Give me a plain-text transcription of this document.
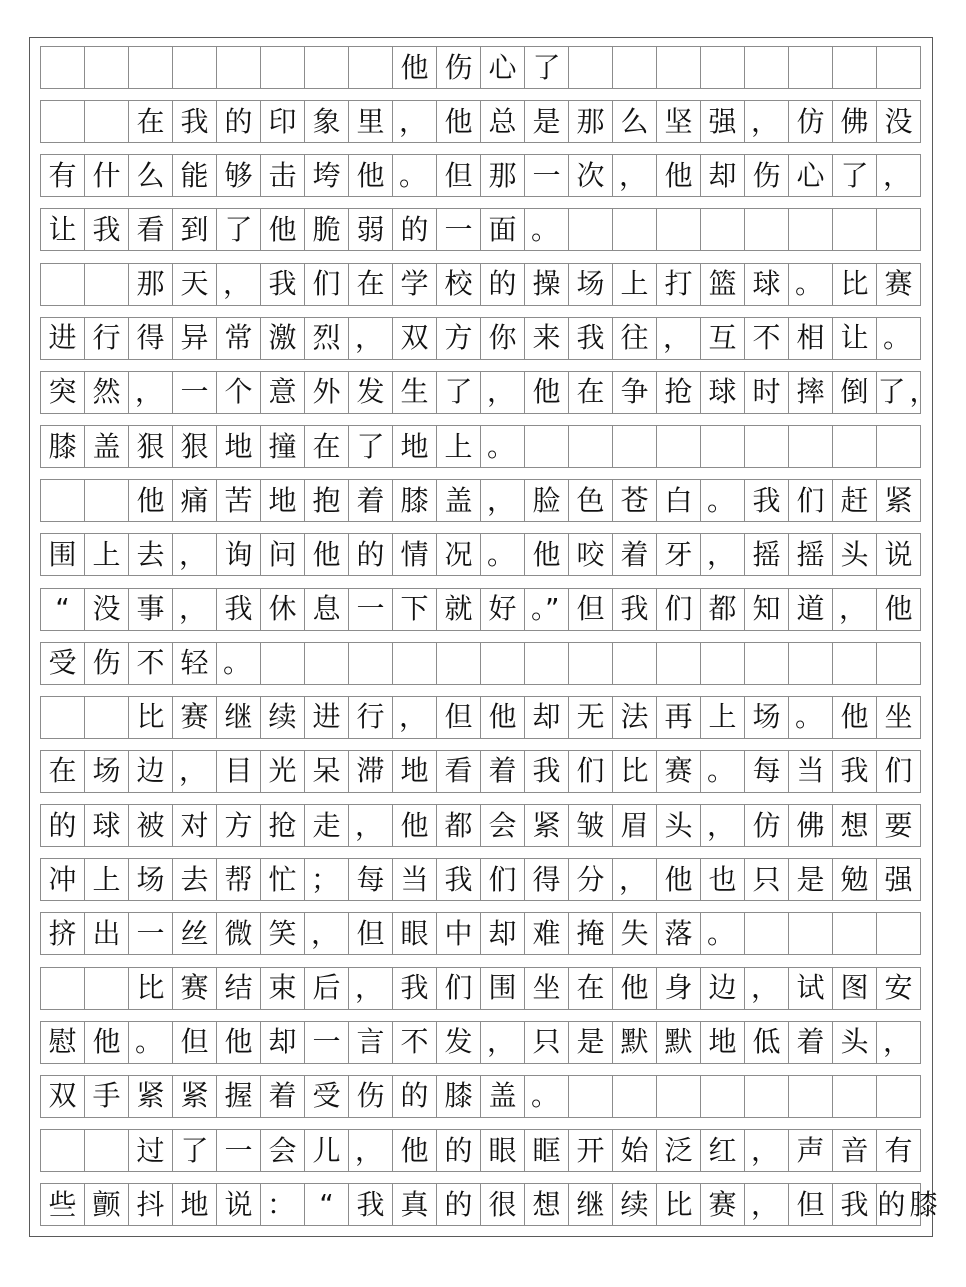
他 伤 心 了
在 我 的 印 象 里 ， 他 总 是 那 么 坚 强 ， 仿 佛 没
有 什 么 能 够 击 垮 他 。 但 那 一 次 ， 他 却 伤 心 了 ，
让 我 看 到 了 他 脆 弱 的 一 面 。
那 天 ， 我 们 在 学 校 的 操 场 上 打 篮 球 。 比 赛
进 行 得 异 常 激 烈 ， 双 方 你 来 我 往 ， 互 不 相 让 。
突 然 ， 一 个 意 外 发 生 了 ， 他 在 争 抢 球 时 摔 倒 了 ，
膝 盖 狠 狠 地 撞 在 了 地 上 。
他 痛 苦 地 抱 着 膝 盖 ， 脸 色 苍 白 。 我 们 赶 紧
围 上 去 ， 询 问 他 的 情 况 。 他 咬 着 牙 ， 摇 摇 头 说
“ 没 事 ， 我 休 息 一 下 就 好 。” 但 我 们 都 知 道 ， 他
受 伤 不 轻 。
比 赛 继 续 进 行 ， 但 他 却 无 法 再 上 场 。 他 坐
在 场 边 ， 目 光 呆 滞 地 看 着 我 们 比 赛 。 每 当 我 们
的 球 被 对 方 抢 走 ， 他 都 会 紧 皱 眉 头 ， 仿 佛 想 要
冲 上 场 去 帮 忙 ； 每 当 我 们 得 分 ， 他 也 只 是 勉 强
挤 出 一 丝 微 笑 ， 但 眼 中 却 难 掩 失 落 。
比 赛 结 束 后 ， 我 们 围 坐 在 他 身 边 ， 试 图 安
慰 他 。 但 他 却 一 言 不 发 ， 只 是 默 默 地 低 着 头 ，
双 手 紧 紧 握 着 受 伤 的 膝 盖 。
过 了 一 会 儿 ， 他 的 眼 眶 开 始 泛 红 ， 声 音 有
些 颤 抖 地 说 ： “ 我 真 的 很 想 继 续 比 赛 ， 但 我 的 膝
